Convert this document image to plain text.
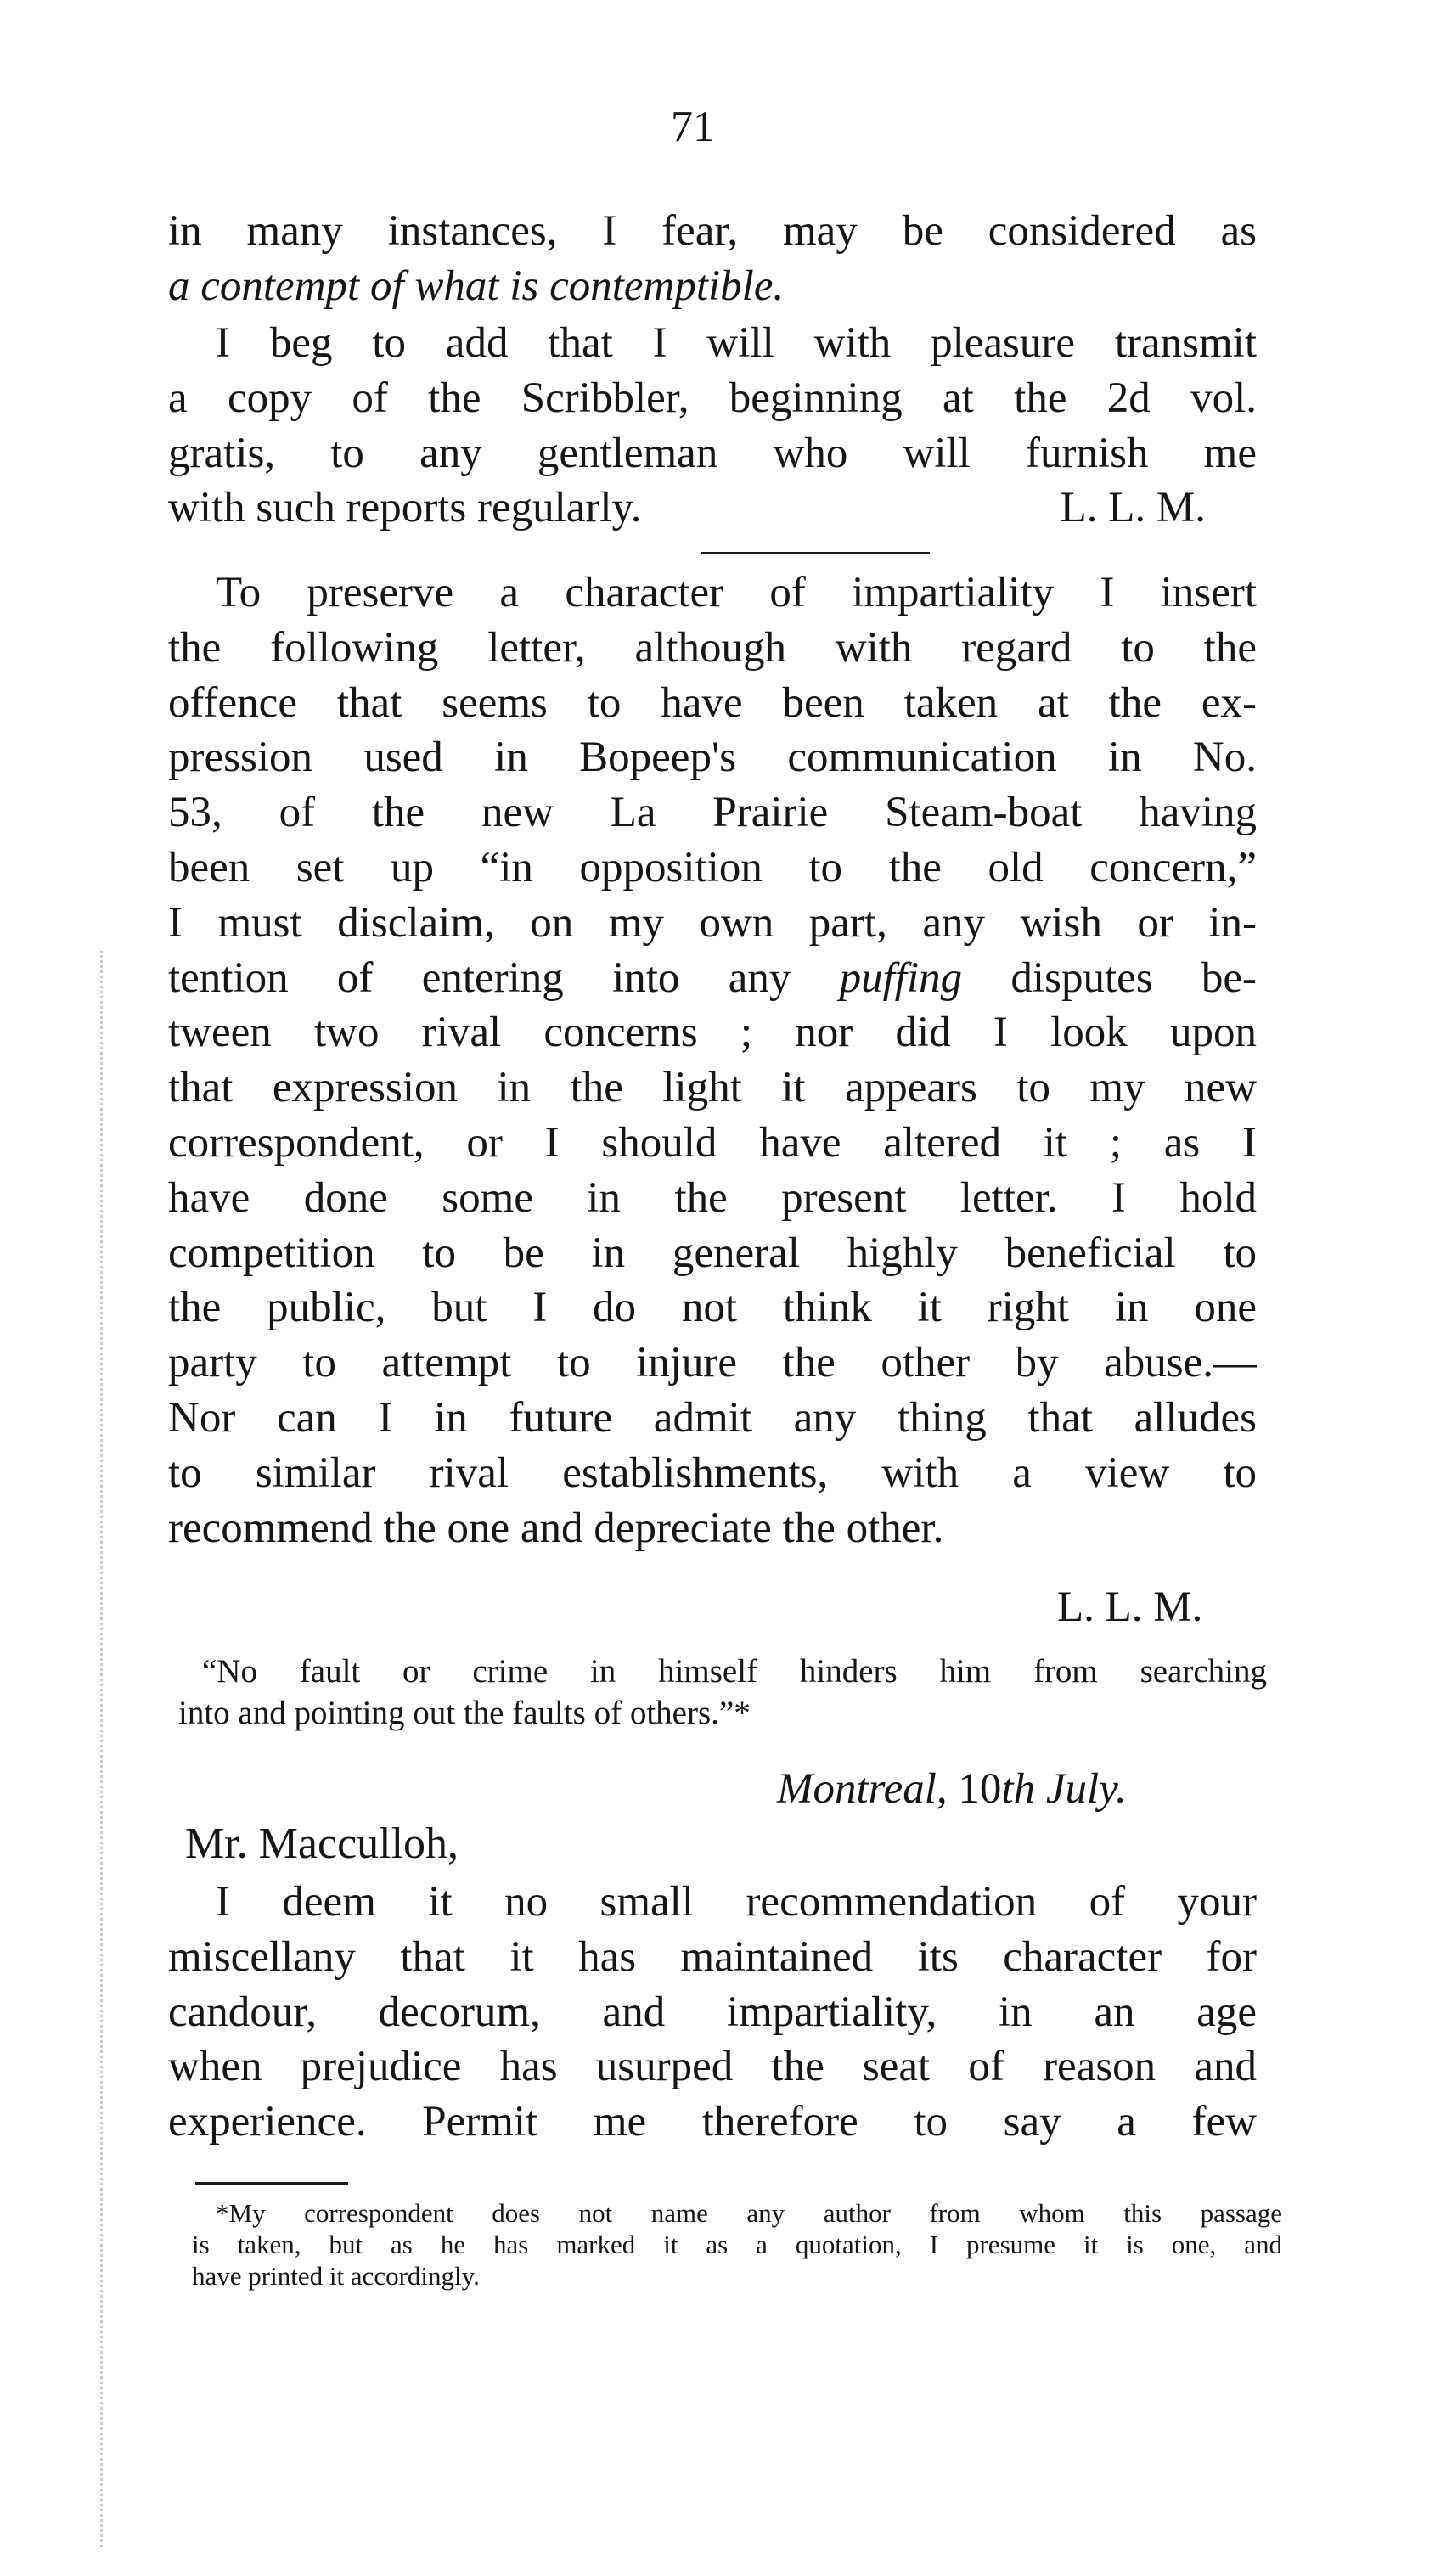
71
in many instances, I fear, may be considered as
a contempt of what is contemptible.
I beg to add that I will with pleasure transmit
a copy of the Scribbler, beginning at the 2d vol.
gratis, to any gentleman who will furnish me
with such reports regularly.	L. L. M.
To preserve a character of impartiality I insert
the following letter, although with regard to the
offence that seems to have been taken at the ex-
pression used in Bopeep's communication in No.
53, of the new La Prairie Steam-boat having
been set up “in opposition to the old concern,”
I must disclaim, on my own part, any wish or in-
tention of entering into any puffing disputes be-
tween two rival concerns ; nor did I look upon
that expression in the light it appears to my new
correspondent, or I should have altered it ; as I
have done some in the present letter. I hold
competition to be in general highly beneficial to
the public, but I do not think it right in one
party to attempt to injure the other by abuse.—
Nor can I in future admit any thing that alludes
to similar rival establishments, with a view to
recommend the one and depreciate the other.
L. L. M.
“No fault or crime in himself hinders him from searching
into and pointing out the faults of others.”*
Montreal, 10th July.
Mr. Macculloh,
I deem it no small recommendation of your
miscellany that it has maintained its character for
candour, decorum, and impartiality, in an age
when prejudice has usurped the seat of reason and
experience. Permit me therefore to say a few
*My correspondent does not name any author from whom this passage
is taken, but as he has marked it as a quotation, I presume it is one, and
have printed it accordingly.
